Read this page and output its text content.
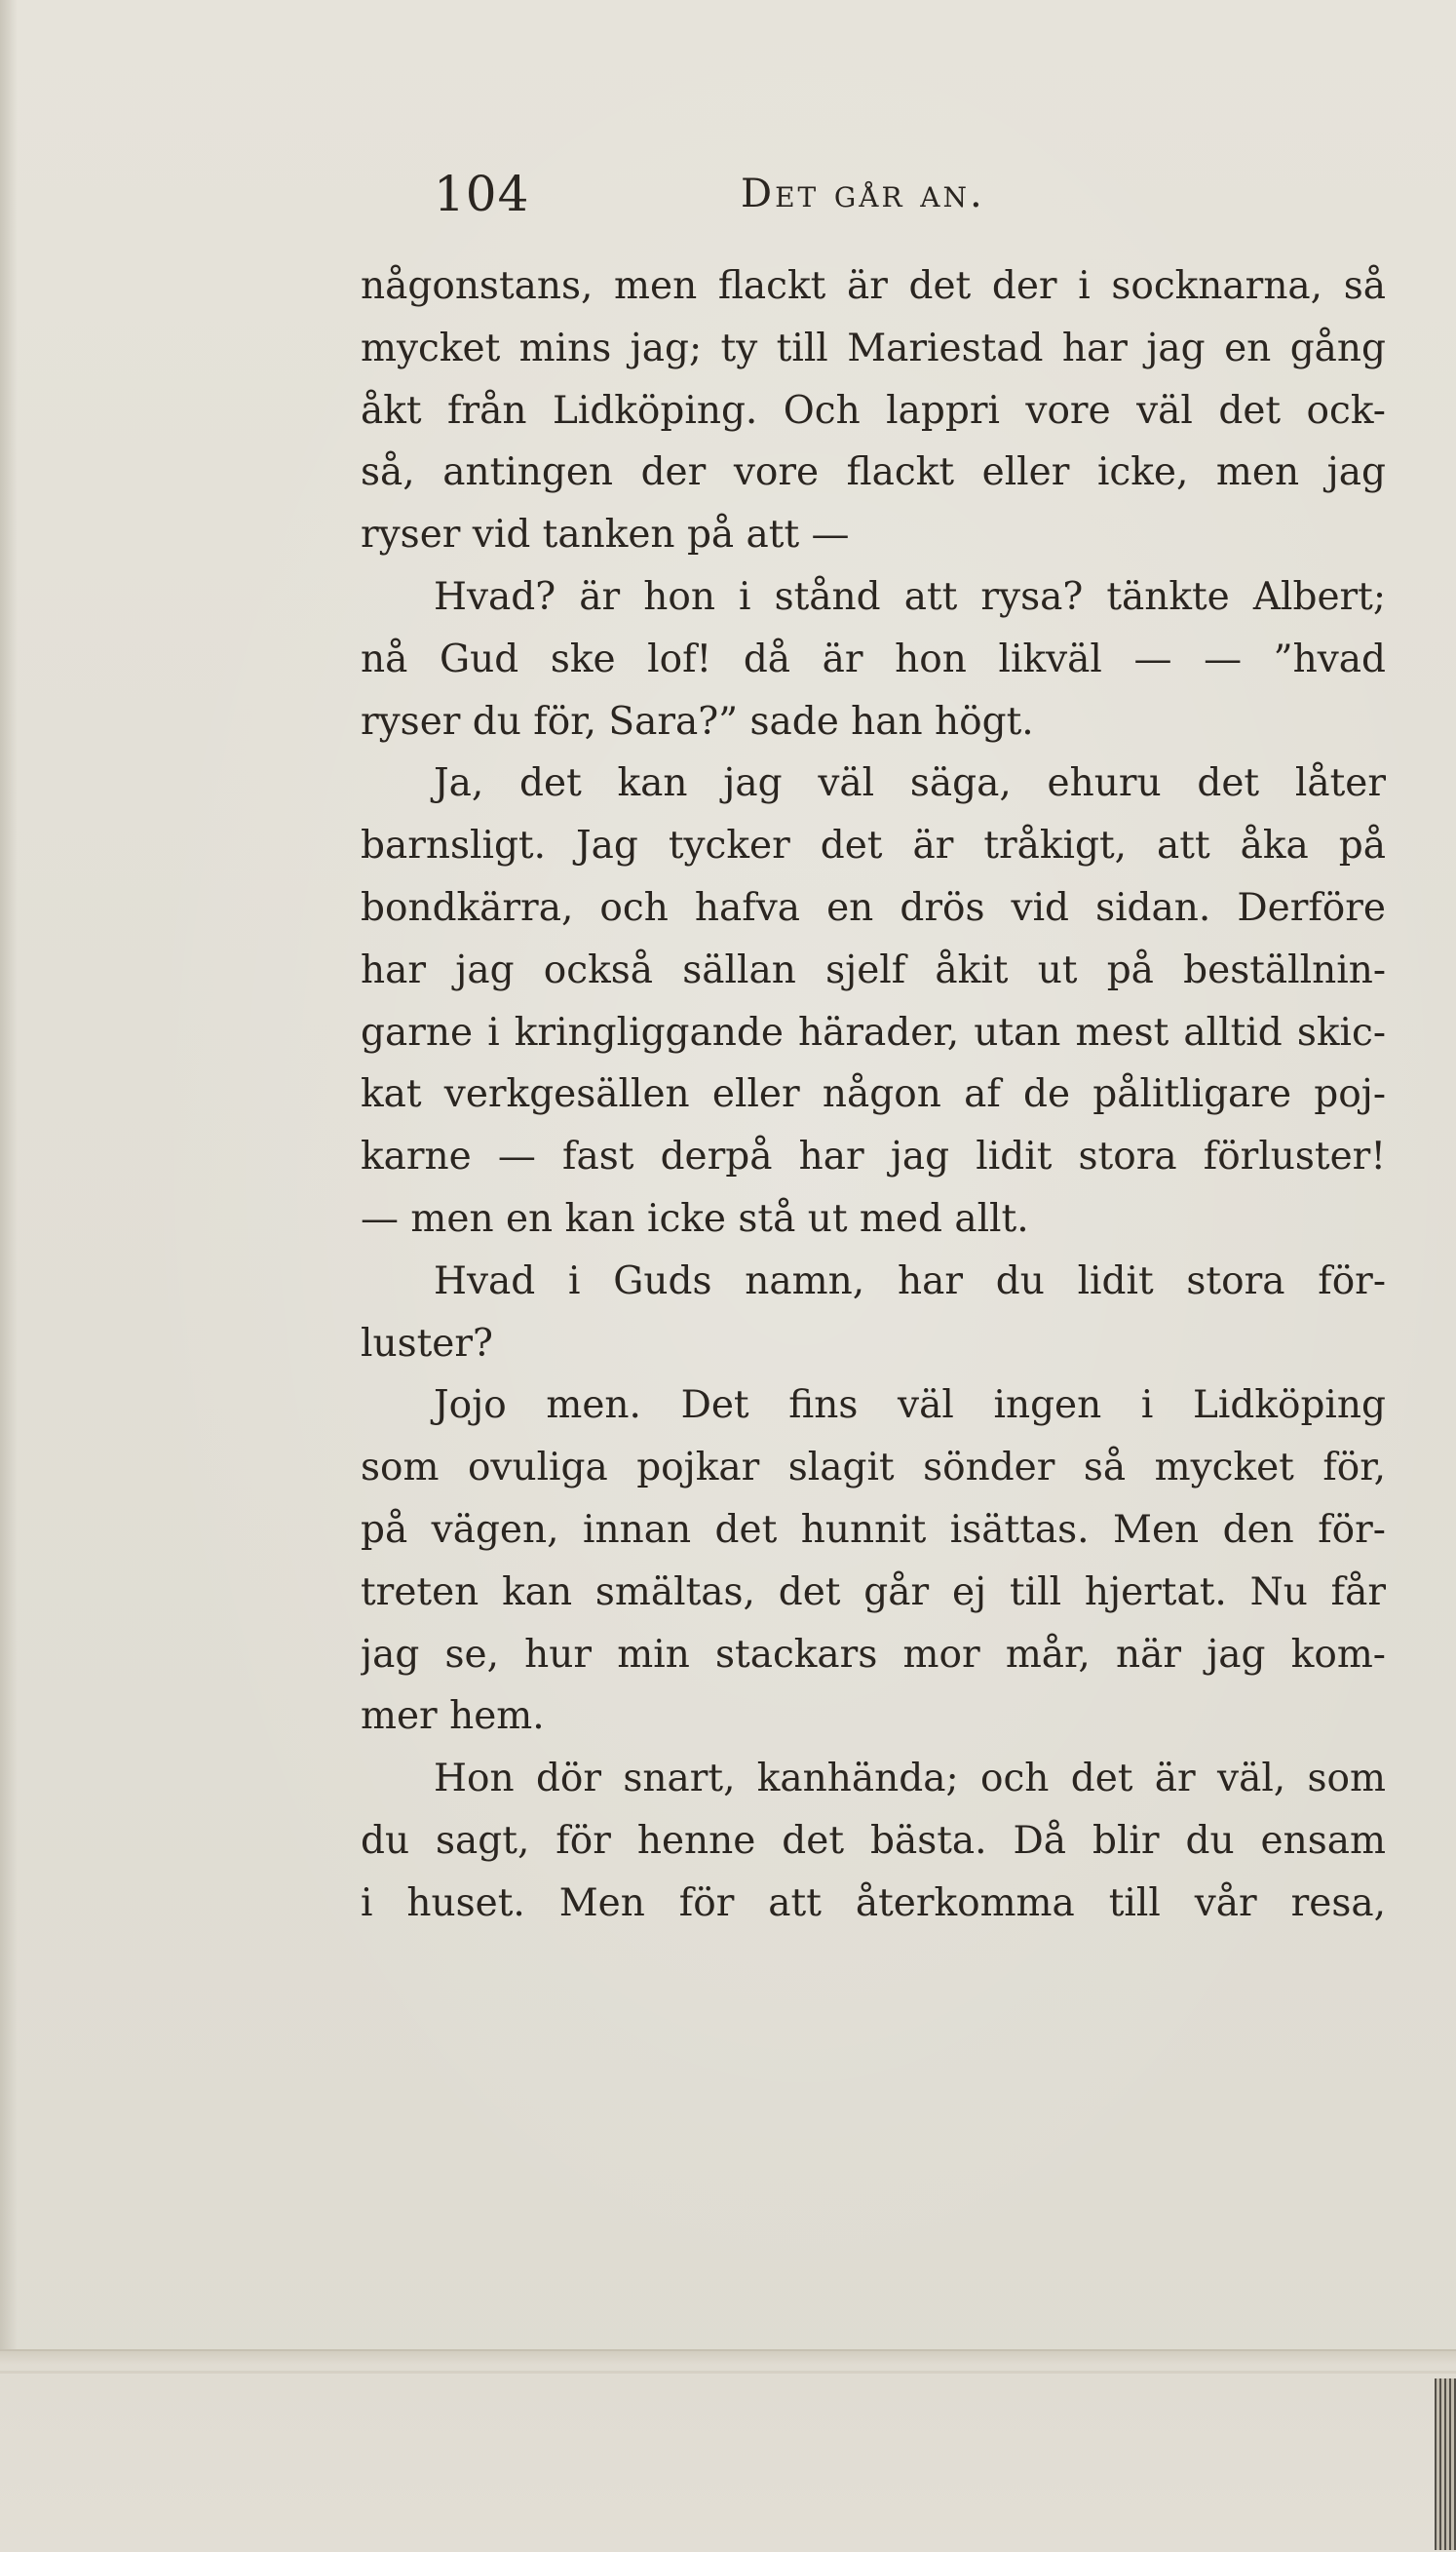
104	Det går an.
någonstans, men flackt är det der i socknarna, så
mycket mins jag; ty till Mariestad har jag en gång
åkt från Lidköping. Och lappri vore väl det ock-
så, antingen der vore flackt eller icke, men jag
ryser vid tanken på att —
Hvad? är hon i stånd att rysa? tänkte Albert;
nå Gud ske lof! då är hon likväl — — ”hvad
ryser du för, Sara?” sade han högt.
Ja, det kan jag väl säga, ehuru det låter
barnsligt. Jag tycker det är tråkigt, att åka på
bondkärra, och hafva en drös vid sidan. Derföre
har jag också sällan sjelf åkit ut på beställnin-
garne i kringliggande härader, utan mest alltid skic-
kat verkgesällen eller någon af de pålitligare poj-
karne — fast derpå har jag lidit stora förluster!
— men en kan icke stå ut med allt.
Hvad i Guds namn, har du lidit stora för-
luster?
Jojo men. Det fins väl ingen i Lidköping
som ovuliga pojkar slagit sönder så mycket för,
på vägen, innan det hunnit isättas. Men den för-
treten kan smältas, det går ej till hjertat. Nu får
jag se, hur min stackars mor mår, när jag kom-
mer hem.
Hon dör snart, kanhända; och det är väl, som
du sagt, för henne det bästa. Då blir du ensam
i huset. Men för att återkomma till vår resa,
